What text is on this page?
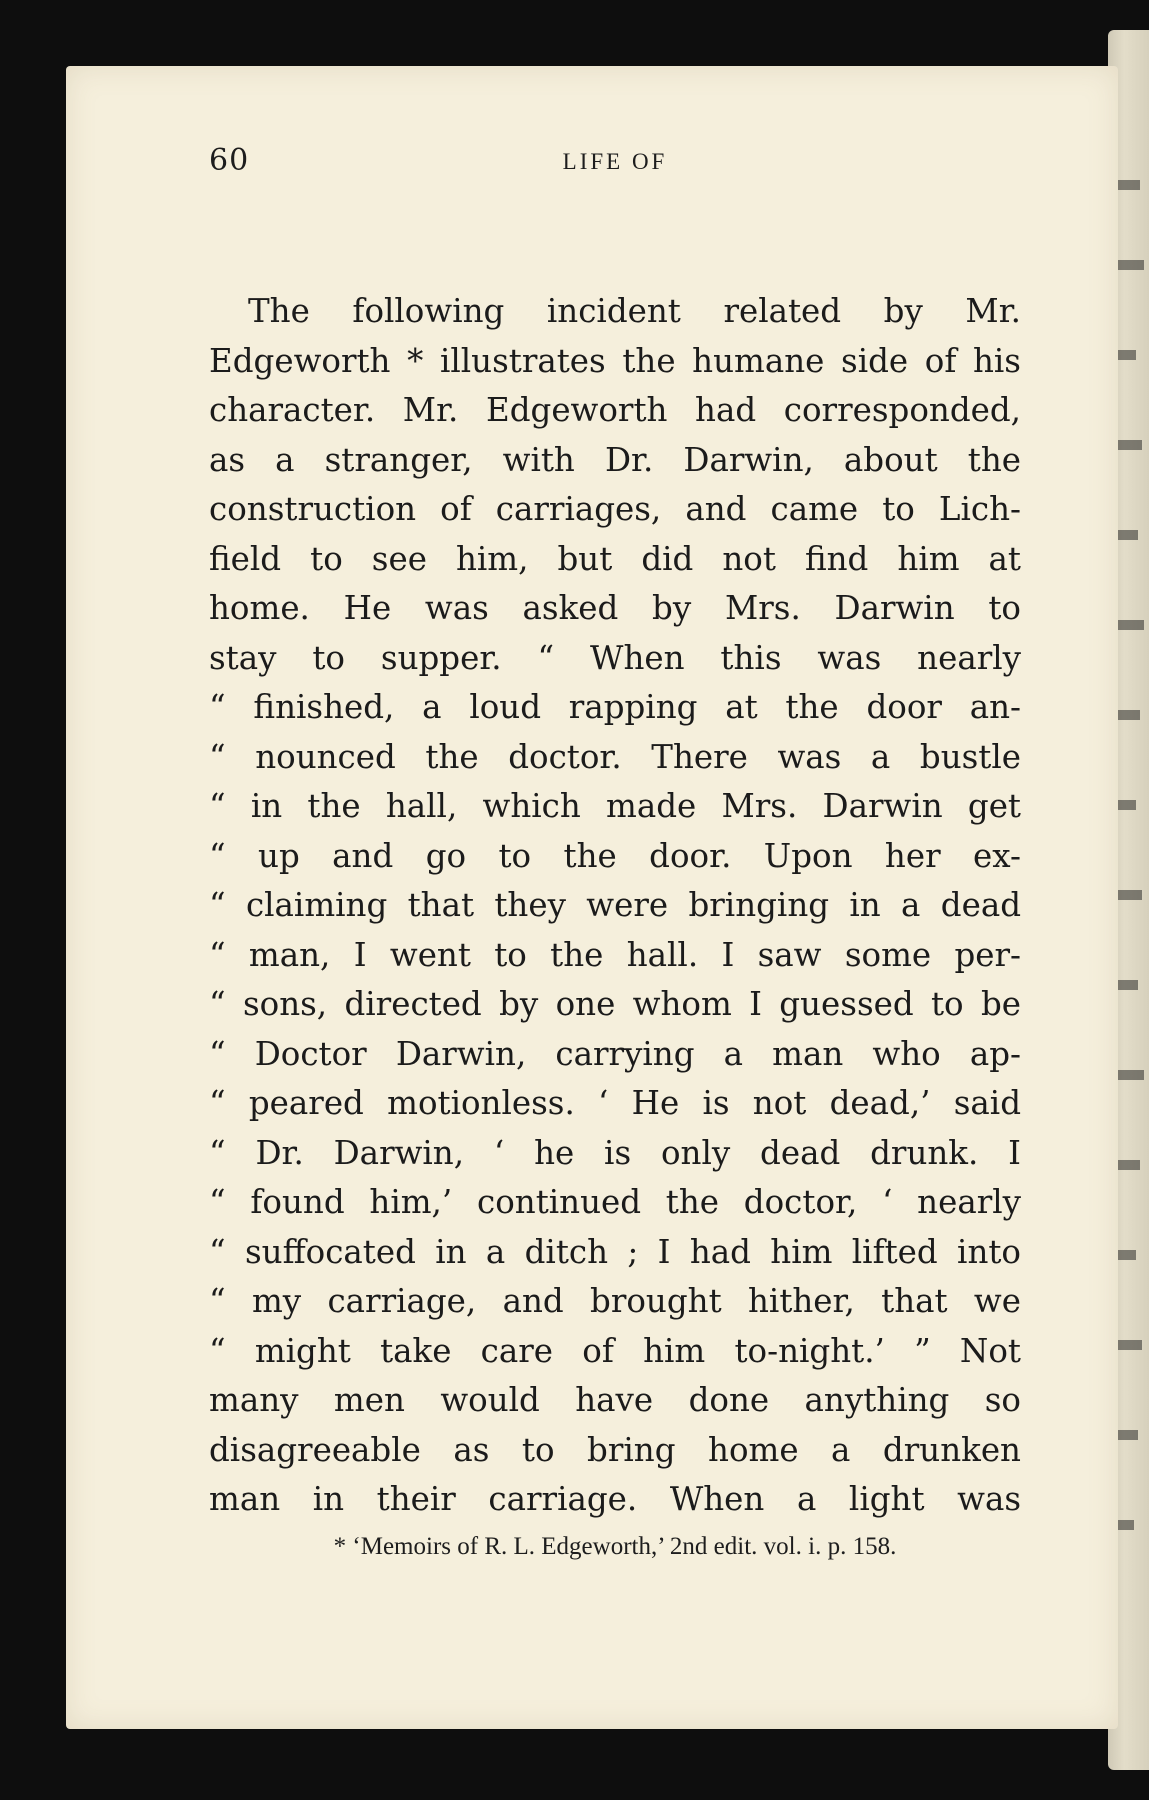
60	LIFE OF
The following incident related by Mr.
Edgeworth * illustrates the humane side of his
character. Mr. Edgeworth had corresponded,
as a stranger, with Dr. Darwin, about the
construction of carriages, and came to Lich-
field to see him, but did not find him at
home. He was asked by Mrs. Darwin to
stay to supper. “ When this was nearly
“ finished, a loud rapping at the door an-
“ nounced the doctor. There was a bustle
“ in the hall, which made Mrs. Darwin get
“ up and go to the door. Upon her ex-
“ claiming that they were bringing in a dead
“ man, I went to the hall. I saw some per-
“ sons, directed by one whom I guessed to be
“ Doctor Darwin, carrying a man who ap-
“ peared motionless. ‘ He is not dead,’ said
“ Dr. Darwin, ‘ he is only dead drunk. I
“ found him,’ continued the doctor, ‘ nearly
“ suffocated in a ditch ; I had him lifted into
“ my carriage, and brought hither, that we
“ might take care of him to-night.’ ” Not
many men would have done anything so
disagreeable as to bring home a drunken
man in their carriage. When a light was
* ‘Memoirs of R. L. Edgeworth,’ 2nd edit. vol. i. p. 158.
